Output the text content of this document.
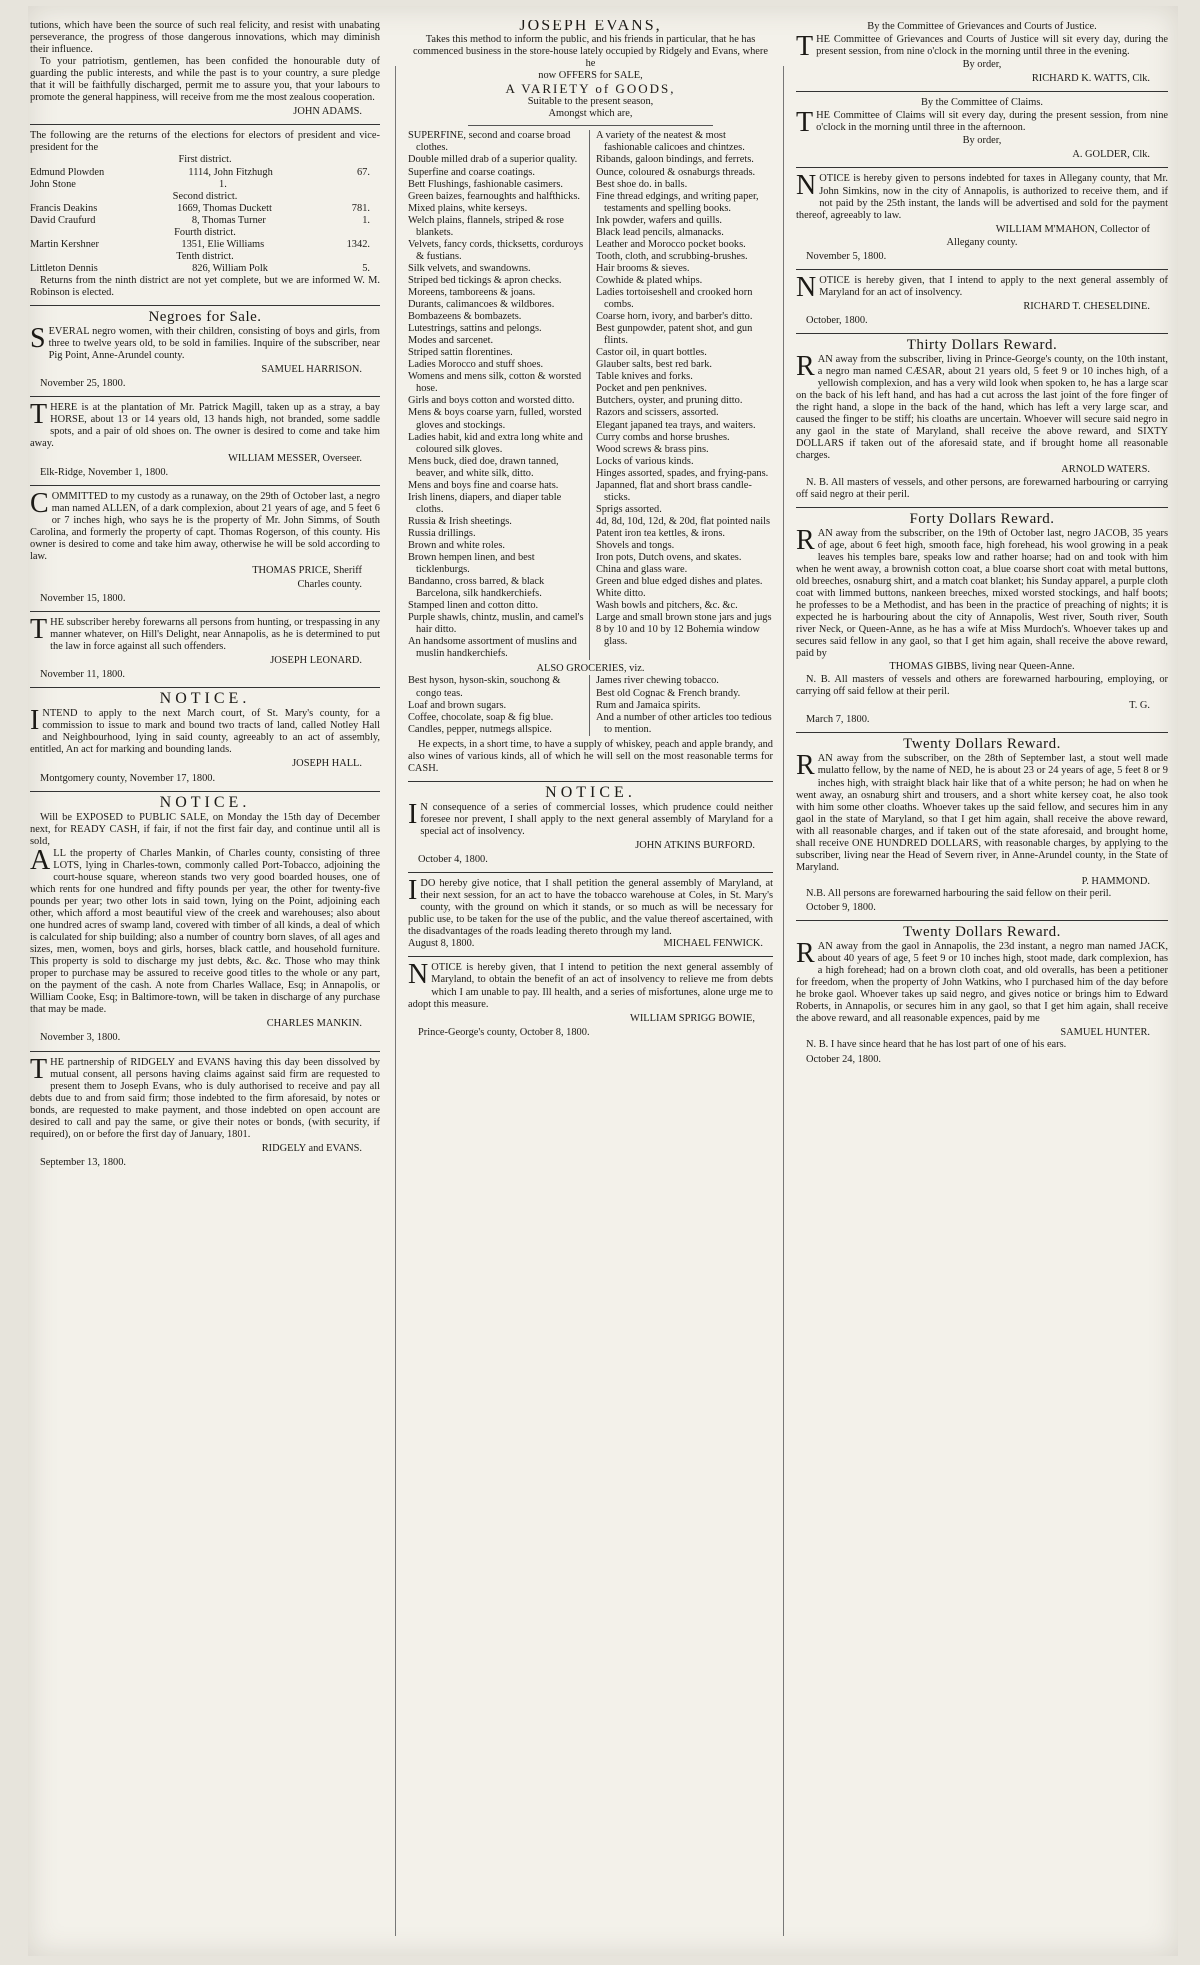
tutions, which have been the source of such real felicity, and resist with unabating perseverance, the progress of those dangerous innovations, which may diminish their influence.

To your patriotism, gentlemen, has been confided the honourable duty of guarding the public interests, and while the past is to your country, a sure pledge that it will be faithfully discharged, permit me to assure you, that your labours to promote the general happiness, will receive from me the most zealous cooperation.

JOHN ADAMS.

The following are the returns of the elections for electors of president and vice-president for the

First district.
Edmund Plowden	1114, John Fitzhugh	67.
John Stone	1.
Second district.
Francis Deakins	1669, Thomas Duckett	781.
David Craufurd	8, Thomas Turner	1.
Fourth district.
Martin Kershner	1351, Elie Williams	1342.
Tenth district.
Littleton Dennis	826, William Polk	5.

Returns from the ninth district are not yet complete, but we are informed W. M. Robinson is elected.

Negroes for Sale.
S EVERAL negro women, with their children, consisting of boys and girls, from three to twelve years old, to be sold in families. Inquire of the subscriber, near Pig Point, Anne-Arundel county.

SAMUEL HARRISON.
November 25, 1800.
T HERE is at the plantation of Mr. Patrick Magill, taken up as a stray, a bay HORSE, about 13 or 14 years old, 13 hands high, not branded, some saddle spots, and a pair of old shoes on. The owner is desired to come and take him away.

WILLIAM MESSER, Overseer.
Elk-Ridge, November 1, 1800.
C OMMITTED to my custody as a runaway, on the 29th of October last, a negro man named ALLEN, of a dark complexion, about 21 years of age, and 5 feet 6 or 7 inches high, who says he is the property of Mr. John Simms, of South Carolina, and formerly the property of capt. Thomas Rogerson, of this county. His owner is desired to come and take him away, otherwise he will be sold according to law.

THOMAS PRICE, Sheriff
Charles county.
November 15, 1800.
T HE subscriber hereby forewarns all persons from hunting, or trespassing in any manner whatever, on Hill's Delight, near Annapolis, as he is determined to put the law in force against all such offenders.

JOSEPH LEONARD.
November 11, 1800.
NOTICE.
I NTEND to apply to the next March court, of St. Mary's county, for a commission to issue to mark and bound two tracts of land, called Notley Hall and Neighbourhood, lying in said county, agreeably to an act of assembly, entitled, An act for marking and bounding lands.

JOSEPH HALL.
Montgomery county, November 17, 1800.
NOTICE.

Will be EXPOSED to PUBLIC SALE, on Monday the 15th day of December next, for READY CASH, if fair, if not the first fair day, and continue until all is sold,

A LL the property of Charles Mankin, of Charles county, consisting of three LOTS, lying in Charles-town, commonly called Port-Tobacco, adjoining the court-house square, whereon stands two very good boarded houses, one of which rents for one hundred and fifty pounds per year, the other for twenty-five pounds per year; two other lots in said town, lying on the Point, adjoining each other, which afford a most beautiful view of the creek and warehouses; also about one hundred acres of swamp land, covered with timber of all kinds, a deal of which is calculated for ship building; also a number of country born slaves, of all ages and sizes, men, women, boys and girls, horses, black cattle, and household furniture. This property is sold to discharge my just debts, &c. &c. Those who may think proper to purchase may be assured to receive good titles to the whole or any part, on the payment of the cash. A note from Charles Wallace, Esq; in Annapolis, or William Cooke, Esq; in Baltimore-town, will be taken in discharge of any purchase that may be made.

CHARLES MANKIN.
November 3, 1800.
T HE partnership of RIDGELY and EVANS having this day been dissolved by mutual consent, all persons having claims against said firm are requested to present them to Joseph Evans, who is duly authorised to receive and pay all debts due to and from said firm; those indebted to the firm aforesaid, by notes or bonds, are requested to make payment, and those indebted on open account are desired to call and pay the same, or give their notes or bonds, (with security, if required), on or before the first day of January, 1801.

RIDGELY and EVANS.
September 13, 1800.
JOSEPH EVANS,

Takes this method to inform the public, and his friends in particular, that he has commenced business in the store-house lately occupied by Ridgely and Evans, where he

now OFFERS for SALE,
A VARIETY of GOODS,
Suitable to the present season,
Amongst which are,
SUPERFINE, second and coarse broad clothes.
Double milled drab of a superior quality.
Superfine and coarse coatings.
Bett Flushings, fashionable casimers.
Green baizes, fearnoughts and halfthicks.
Mixed plains, white kerseys.
Welch plains, flannels, striped & rose blankets.
Velvets, fancy cords, thicksetts, corduroys & fustians.
Silk velvets, and swandowns.
Striped bed tickings & apron checks.
Moreens, tamboreens & joans.
Durants, calimancoes & wildbores.
Bombazeens & bombazets.
Lutestrings, sattins and pelongs.
Modes and sarcenet.
Striped sattin florentines.
Ladies Morocco and stuff shoes.
Womens and mens silk, cotton & worsted hose.
Girls and boys cotton and worsted ditto.
Mens & boys coarse yarn, fulled, worsted gloves and stockings.
Ladies habit, kid and extra long white and coloured silk gloves.
Mens buck, died doe, drawn tanned, beaver, and white silk, ditto.
Mens and boys fine and coarse hats.
Irish linens, diapers, and diaper table cloths.
Russia & Irish sheetings.
Russia drillings.
Brown and white roles.
Brown hempen linen, and best ticklenburgs.
Bandanno, cross barred, & black Barcelona, silk handkerchiefs.
Stamped linen and cotton ditto.
Purple shawls, chintz, muslin, and camel's hair ditto.
An handsome assortment of muslins and muslin handkerchiefs.
A variety of the neatest & most fashionable calicoes and chintzes.
Ribands, galoon bindings, and ferrets.
Ounce, coloured & osnaburgs threads.
Best shoe do. in balls.
Fine thread edgings, and writing paper, testaments and spelling books.
Ink powder, wafers and quills.
Black lead pencils, almanacks.
Leather and Morocco pocket books.
Tooth, cloth, and scrubbing-brushes.
Hair brooms & sieves.
Cowhide & plated whips.
Ladies tortoiseshell and crooked horn combs.
Coarse horn, ivory, and barber's ditto.
Best gunpowder, patent shot, and gun flints.
Castor oil, in quart bottles.
Glauber salts, best red bark.
Table knives and forks.
Pocket and pen penknives.
Butchers, oyster, and pruning ditto.
Razors and scissers, assorted.
Elegant japaned tea trays, and waiters.
Curry combs and horse brushes.
Wood screws & brass pins.
Locks of various kinds.
Hinges assorted, spades, and frying-pans.
Japanned, flat and short brass candle-sticks.
Sprigs assorted.
4d, 8d, 10d, 12d, & 20d, flat pointed nails
Patent iron tea kettles, & irons.
Shovels and tongs.
Iron pots, Dutch ovens, and skates.
China and glass ware.
Green and blue edged dishes and plates.
White ditto.
Wash bowls and pitchers, &c. &c.
Large and small brown stone jars and jugs
8 by 10 and 10 by 12 Bohemia window glass.
ALSO GROCERIES, viz.
Best hyson, hyson-skin, souchong & congo teas.
Loaf and brown sugars.
Coffee, chocolate, soap & fig blue.
Candles, pepper, nutmegs allspice.
James river chewing tobacco.
Best old Cognac & French brandy.
Rum and Jamaica spirits.
And a number of other articles too tedious to mention.

He expects, in a short time, to have a supply of whiskey, peach and apple brandy, and also wines of various kinds, all of which he will sell on the most reasonable terms for CASH.

NOTICE.
I N consequence of a series of commercial losses, which prudence could neither foresee nor prevent, I shall apply to the next general assembly of Maryland for a special act of insolvency.

JOHN ATKINS BURFORD.
October 4, 1800.
I DO hereby give notice, that I shall petition the general assembly of Maryland, at their next session, for an act to have the tobacco warehouse at Coles, in St. Mary's county, with the ground on which it stands, or so much as will be necessary for public use, to be taken for the use of the public, and the value thereof ascertained, with the disadvantages of the roads leading thereto through my land.

August 8, 1800.	MICHAEL FENWICK.
N OTICE is hereby given, that I intend to petition the next general assembly of Maryland, to obtain the benefit of an act of insolvency to relieve me from debts which I am unable to pay. Ill health, and a series of misfortunes, alone urge me to adopt this measure.

WILLIAM SPRIGG BOWIE,
Prince-George's county, October 8, 1800.
By the Committee of Grievances and Courts of Justice.
T HE Committee of Grievances and Courts of Justice will sit every day, during the present session, from nine o'clock in the morning until three in the evening.

By order,
RICHARD K. WATTS, Clk.
By the Committee of Claims.
T HE Committee of Claims will sit every day, during the present session, from nine o'clock in the morning until three in the afternoon.

By order,
A. GOLDER, Clk.
N OTICE is hereby given to persons indebted for taxes in Allegany county, that Mr. John Simkins, now in the city of Annapolis, is authorized to receive them, and if not paid by the 25th instant, the lands will be advertised and sold for the payment thereof, agreeably to law.

WILLIAM M'MAHON, Collector of
Allegany county.
November 5, 1800.
N OTICE is hereby given, that I intend to apply to the next general assembly of Maryland for an act of insolvency.

RICHARD T. CHESELDINE.
October, 1800.
Thirty Dollars Reward.
R AN away from the subscriber, living in Prince-George's county, on the 10th instant, a negro man named CÆSAR, about 21 years old, 5 feet 9 or 10 inches high, of a yellowish complexion, and has a very wild look when spoken to, he has a large scar on the back of his left hand, and has had a cut across the last joint of the fore finger of the right hand, a slope in the back of the hand, which has left a very large scar, and caused the finger to be stiff; his cloaths are uncertain. Whoever will secure said negro in any gaol in the state of Maryland, shall receive the above reward, and SIXTY DOLLARS if taken out of the aforesaid state, and if brought home all reasonable charges.

ARNOLD WATERS.

N. B. All masters of vessels, and other persons, are forewarned harbouring or carrying off said negro at their peril.

Forty Dollars Reward.
R AN away from the subscriber, on the 19th of October last, negro JACOB, 35 years of age, about 6 feet high, smooth face, high forehead, his wool growing in a peak leaves his temples bare, speaks low and rather hoarse; had on and took with him when he went away, a brownish cotton coat, a blue coarse short coat with metal buttons, old breeches, osnaburg shirt, and a match coat blanket; his Sunday apparel, a purple cloth coat with limmed buttons, nankeen breeches, mixed worsted stockings, and half boots; he professes to be a Methodist, and has been in the practice of preaching of nights; it is expected he is harbouring about the city of Annapolis, West river, South river, South river Neck, or Queen-Anne, as he has a wife at Miss Murdoch's. Whoever takes up and secures said fellow in any gaol, so that I get him again, shall receive the above reward, paid by

THOMAS GIBBS, living near Queen-Anne.

N. B. All masters of vessels and others are forewarned harbouring, employing, or carrying off said fellow at their peril.

T. G.
March 7, 1800.
Twenty Dollars Reward.
R AN away from the subscriber, on the 28th of September last, a stout well made mulatto fellow, by the name of NED, he is about 23 or 24 years of age, 5 feet 8 or 9 inches high, with straight black hair like that of a white person; he had on when he went away, an osnaburg shirt and trousers, and a short white kersey coat, he also took with him some other cloaths. Whoever takes up the said fellow, and secures him in any gaol in the state of Maryland, so that I get him again, shall receive the above reward, with all reasonable charges, and if taken out of the state aforesaid, and brought home, shall receive ONE HUNDRED DOLLARS, with reasonable charges, by applying to the subscriber, living near the Head of Severn river, in Anne-Arundel county, in the State of Maryland.

P. HAMMOND.

N.B. All persons are forewarned harbouring the said fellow on their peril.

October 9, 1800.
Twenty Dollars Reward.
R AN away from the gaol in Annapolis, the 23d instant, a negro man named JACK, about 40 years of age, 5 feet 9 or 10 inches high, stoot made, dark complexion, has a high forehead; had on a brown cloth coat, and old overalls, has been a petitioner for freedom, when the property of John Watkins, who I purchased him of the day before he broke gaol. Whoever takes up said negro, and gives notice or brings him to Edward Roberts, in Annapolis, or secures him in any gaol, so that I get him again, shall receive the above reward, and all reasonable expences, paid by me

SAMUEL HUNTER.

N. B. I have since heard that he has lost part of one of his ears.

October 24, 1800.
